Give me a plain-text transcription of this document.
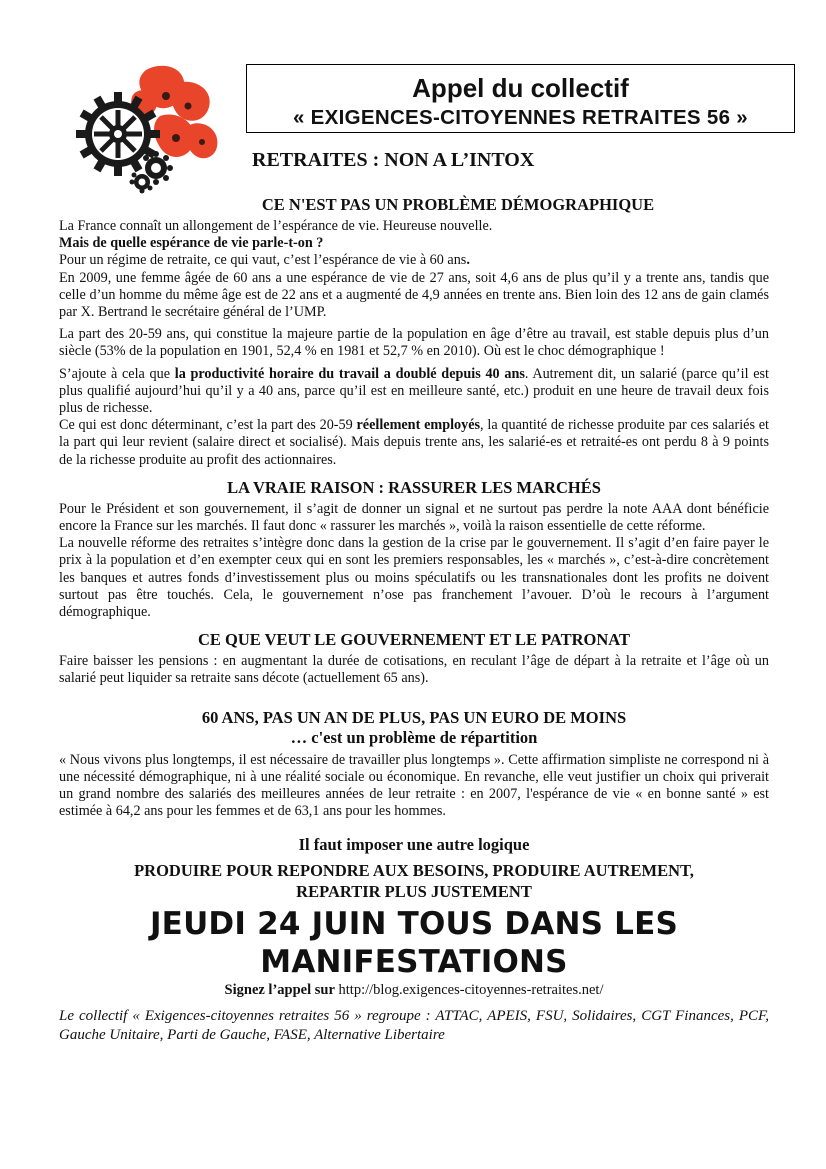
Appel du collectif
« EXIGENCES-CITOYENNES RETRAITES 56 »
RETRAITES : NON A L’INTOX
CE N'EST PAS UN PROBLÈME DÉMOGRAPHIQUE

La France connaît un allongement de l’espérance de vie. Heureuse nouvelle.

Mais de quelle espérance de vie parle-t-on ?

Pour un régime de retraite, ce qui vaut, c’est l’espérance de vie à 60 ans.

En 2009, une femme âgée de 60 ans a une espérance de vie de 27 ans, soit 4,6 ans de plus qu’il y a trente ans, tandis que celle d’un homme du même âge est de 22 ans et a augmenté de 4,9 années en trente ans. Bien loin des 12 ans de gain clamés par X. Bertrand le secrétaire général de l’UMP.

La part des 20-59 ans, qui constitue la majeure partie de la population en âge d’être au travail, est stable depuis plus d’un siècle (53% de la population en 1901, 52,4 % en 1981 et 52,7 % en 2010). Où est le choc démographique !

S’ajoute à cela que la productivité horaire du travail a doublé depuis 40 ans. Autrement dit, un salarié (parce qu’il est plus qualifié aujourd’hui qu’il y a 40 ans, parce qu’il est en meilleure santé, etc.) produit en une heure de travail deux fois plus de richesse.

Ce qui est donc déterminant, c’est la part des 20-59 réellement employés, la quantité de richesse produite par ces salariés et la part qui leur revient (salaire direct et socialisé). Mais depuis trente ans, les salarié-es et retraité-es ont perdu 8 à 9 points de la richesse produite au profit des actionnaires.

LA VRAIE RAISON : RASSURER LES MARCHÉS

Pour le Président et son gouvernement, il s’agit de donner un signal et ne surtout pas perdre la note AAA dont bénéficie encore la France sur les marchés. Il faut donc « rassurer les marchés », voilà la raison essentielle de cette réforme.

La nouvelle réforme des retraites s’intègre donc dans la gestion de la crise par le gouvernement. Il s’agit d’en faire payer le prix à la population et d’en exempter ceux qui en sont les premiers responsables, les « marchés », c’est-à-dire concrètement les banques et autres fonds d’investissement plus ou moins spéculatifs ou les transnationales dont les profits ne doivent surtout pas être touchés. Cela, le gouvernement n’ose pas franchement l’avouer. D’où le recours à l’argument démographique.

CE QUE VEUT LE GOUVERNEMENT ET LE PATRONAT

Faire baisser les pensions : en augmentant la durée de cotisations, en reculant l’âge de départ à la retraite et l’âge où un salarié peut liquider sa retraite sans décote (actuellement 65 ans).

60 ANS, PAS UN AN DE PLUS, PAS UN EURO DE MOINS
… c'est un problème de répartition

« Nous vivons plus longtemps, il est nécessaire de travailler plus longtemps ». Cette affirmation simpliste ne correspond ni à une nécessité démographique, ni à une réalité sociale ou économique. En revanche, elle veut justifier un choix qui priverait un grand nombre des salariés des meilleures années de leur retraite : en 2007, l'espérance de vie « en bonne santé » est estimée à 64,2 ans pour les femmes et de 63,1 ans pour les hommes.

Il faut imposer une autre logique
PRODUIRE POUR REPONDRE AUX BESOINS, PRODUIRE AUTREMENT,
REPARTIR PLUS JUSTEMENT
JEUDI 24 JUIN TOUS DANS LES MANIFESTATIONS

Signez l’appel sur http://blog.exigences-citoyennes-retraites.net/

Le collectif « Exigences-citoyennes retraites 56 » regroupe : ATTAC, APEIS, FSU, Solidaires, CGT Finances, PCF, Gauche Unitaire, Parti de Gauche, FASE, Alternative Libertaire
